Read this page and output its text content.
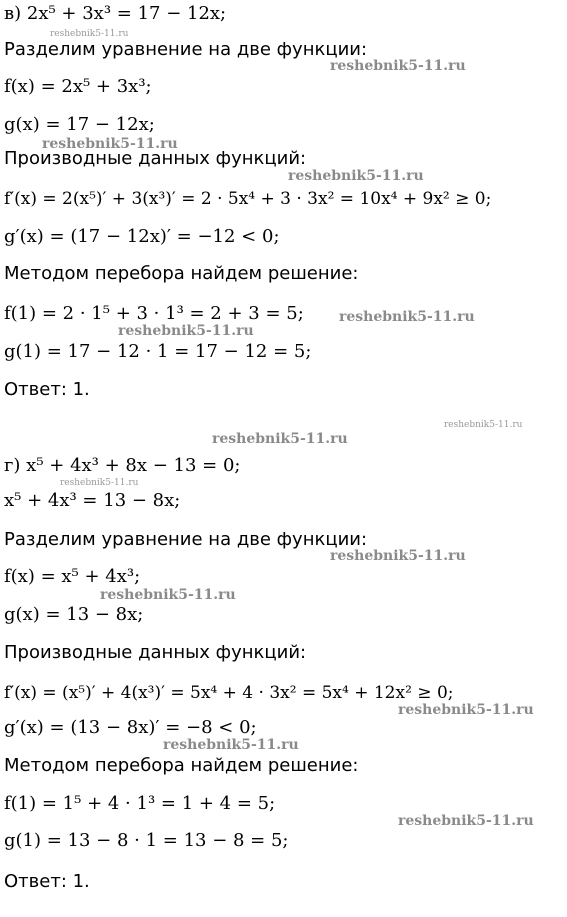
в) 2x⁵ + 3x³ = 17 − 12x;
Разделим уравнение на две функции:
f(x) = 2x⁵ + 3x³;
g(x) = 17 − 12x;
Производные данных функций:
f′(x) = 2(x⁵)′ + 3(x³)′ = 2 · 5x⁴ + 3 · 3x² = 10x⁴ + 9x² ≥ 0;
g′(x) = (17 − 12x)′ = −12 < 0;
Методом перебора найдем решение:
f(1) = 2 · 1⁵ + 3 · 1³ = 2 + 3 = 5;
g(1) = 17 − 12 · 1 = 17 − 12 = 5;
Ответ: 1.
г) x⁵ + 4x³ + 8x − 13 = 0;
x⁵ + 4x³ = 13 − 8x;
Разделим уравнение на две функции:
f(x) = x⁵ + 4x³;
g(x) = 13 − 8x;
Производные данных функций:
f′(x) = (x⁵)′ + 4(x³)′ = 5x⁴ + 4 · 3x² = 5x⁴ + 12x² ≥ 0;
g′(x) = (13 − 8x)′ = −8 < 0;
Методом перебора найдем решение:
f(1) = 1⁵ + 4 · 1³ = 1 + 4 = 5;
g(1) = 13 − 8 · 1 = 13 − 8 = 5;
Ответ: 1.
reshebnik5-11.ru
reshebnik5-11.ru
reshebnik5-11.ru
reshebnik5-11.ru
reshebnik5-11.ru
reshebnik5-11.ru
reshebnik5-11.ru
reshebnik5-11.ru
reshebnik5-11.ru
reshebnik5-11.ru
reshebnik5-11.ru
reshebnik5-11.ru
reshebnik5-11.ru
reshebnik5-11.ru
